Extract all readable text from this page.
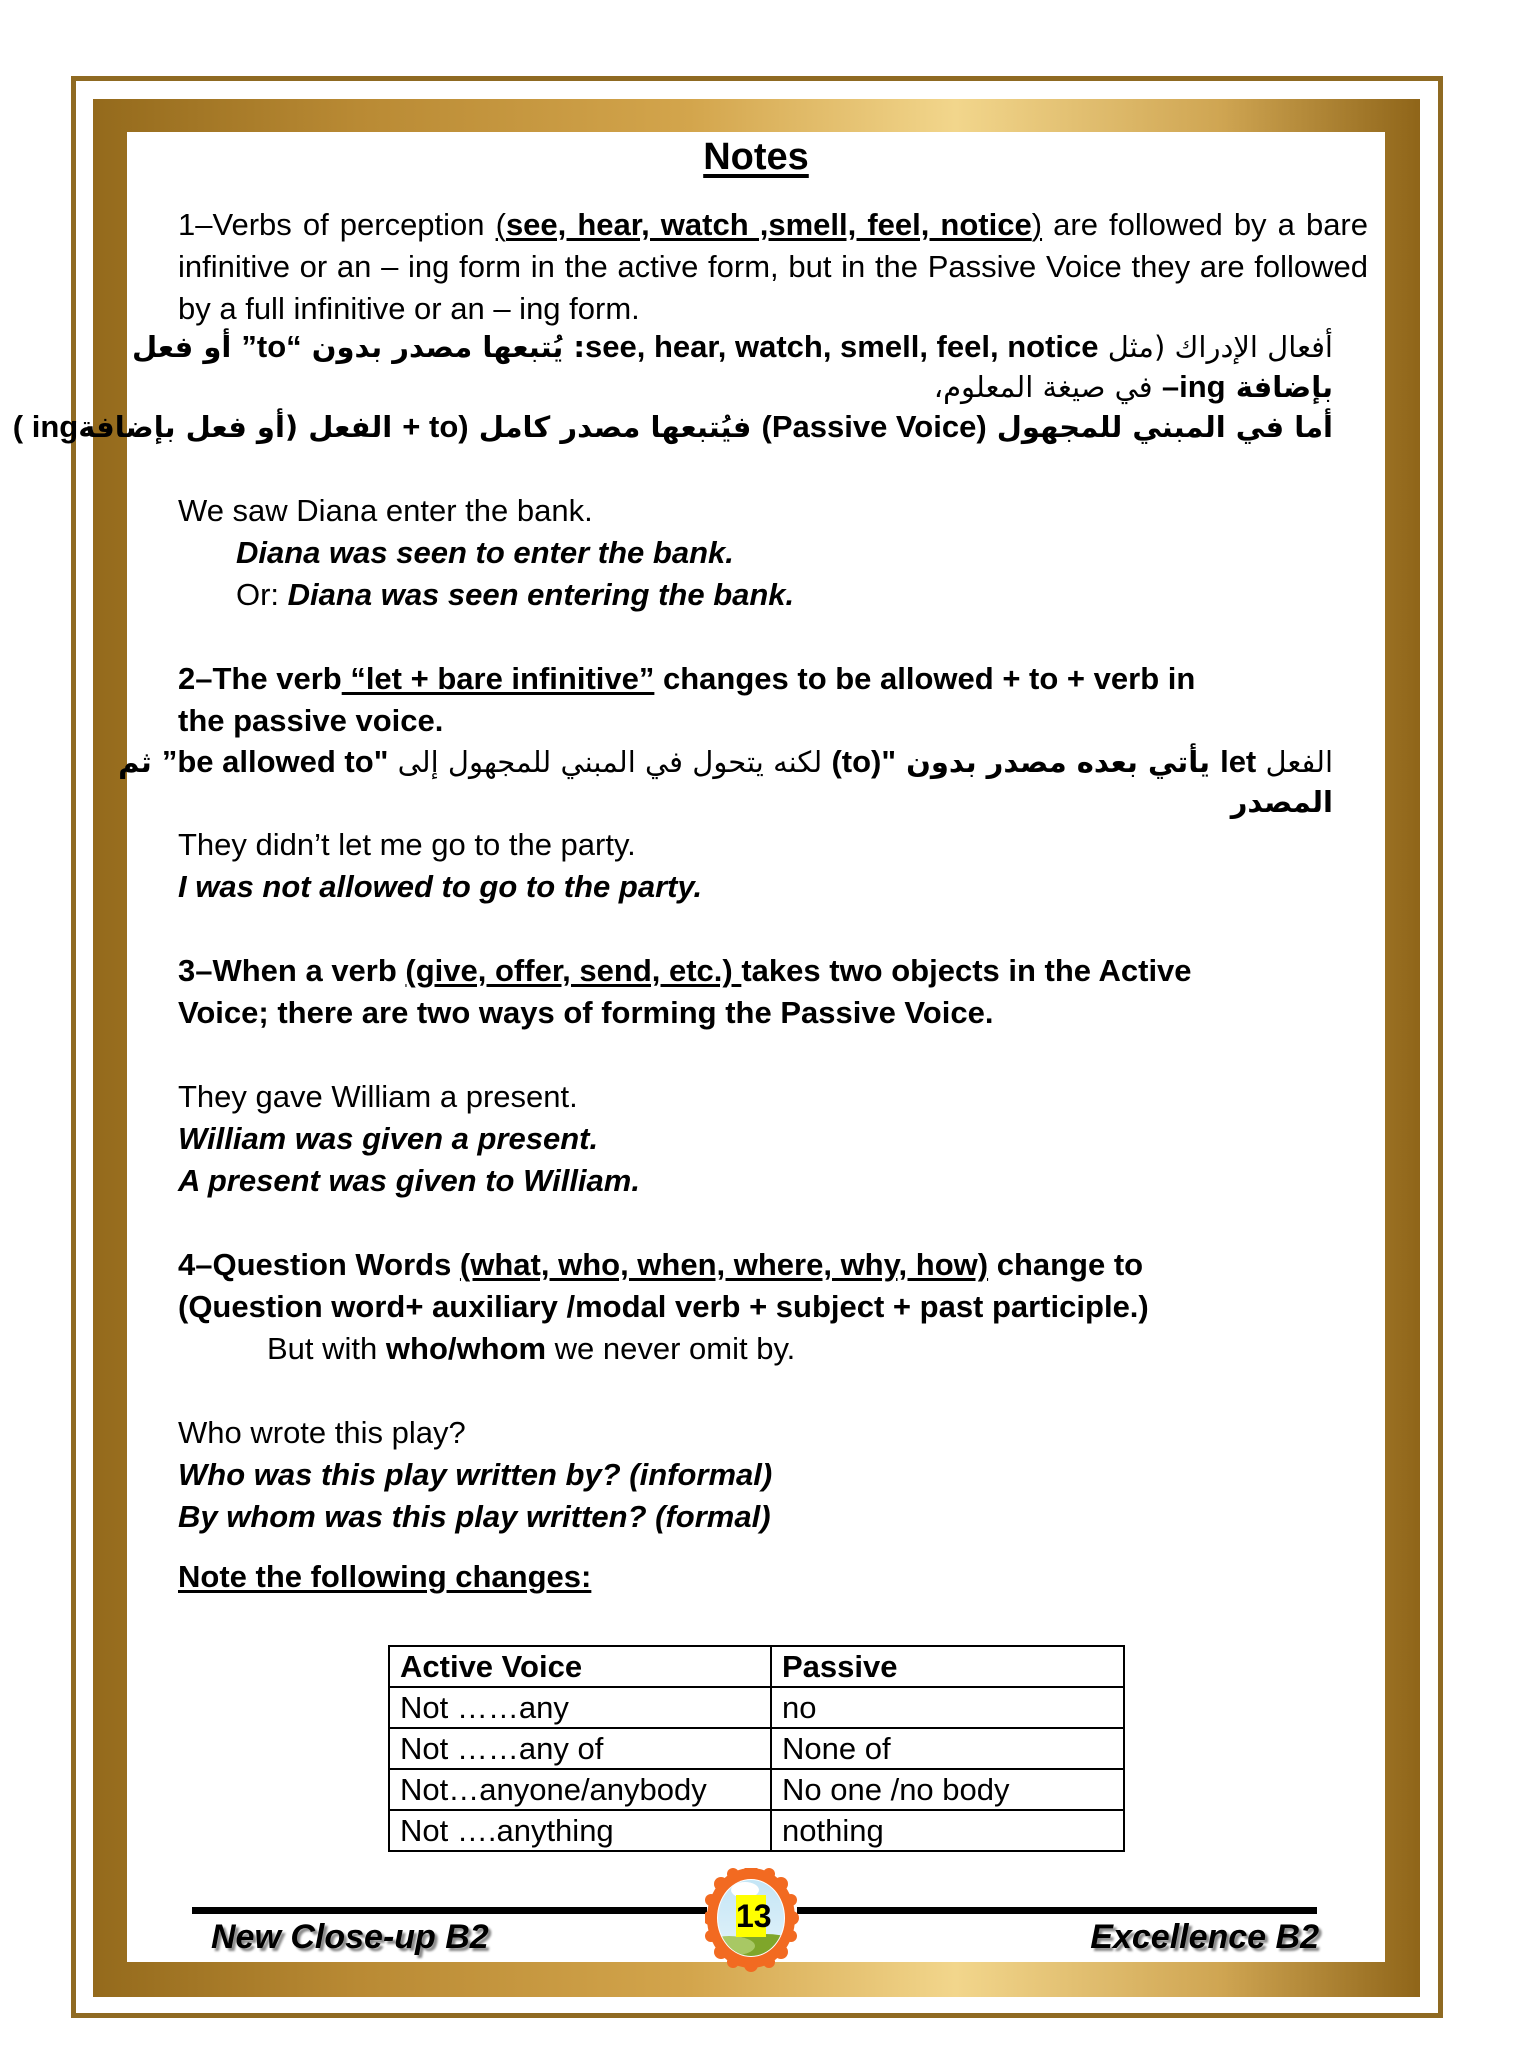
Notes
1–Verbs of perception (see, hear, watch ,smell, feel, notice) are followed by a bare infinitive or an – ing form in the active form, but in the Passive Voice they are followed by a full infinitive or an – ing form.
أفعال الإدراك (مثل see, hear, watch, smell, feel, notice: يُتبعها مصدر بدون “to” أو فعل
بإضافة ing– في صيغة المعلوم،
أما في المبني للمجهول (Passive Voice) فيُتبعها مصدر كامل (to + الفعل (أو فعل بإضافةing )
We saw Diana enter the bank.
Diana was seen to enter the bank.
Or: Diana was seen entering the bank.
2–The verb “let + bare infinitive” changes to be allowed + to + verb in
the passive voice.
الفعل let يأتي بعده مصدر بدون "(to) لكنه يتحول في المبني للمجهول إلى "be allowed to” ثم
المصدر
They didn’t let me go to the party.
I was not allowed to go to the party.
3–When a verb (give, offer, send, etc.) takes two objects in the Active
Voice; there are two ways of forming the Passive Voice.
They gave William a present.
William was given a present.
A present was given to William.
4–Question Words (what, who, when, where, why, how) change to
(Question word+ auxiliary /modal verb + subject + past participle.)
But with who/whom we never omit by.
Who wrote this play?
Who was this play written by? (informal)
By whom was this play written? (formal)
Note the following changes:
Active Voice	Passive
Not ……any	no
Not ……any of	None of
Not…anyone/anybody	No one /no body
Not ….anything	nothing
New Close-up B2	Excellence B2
13
